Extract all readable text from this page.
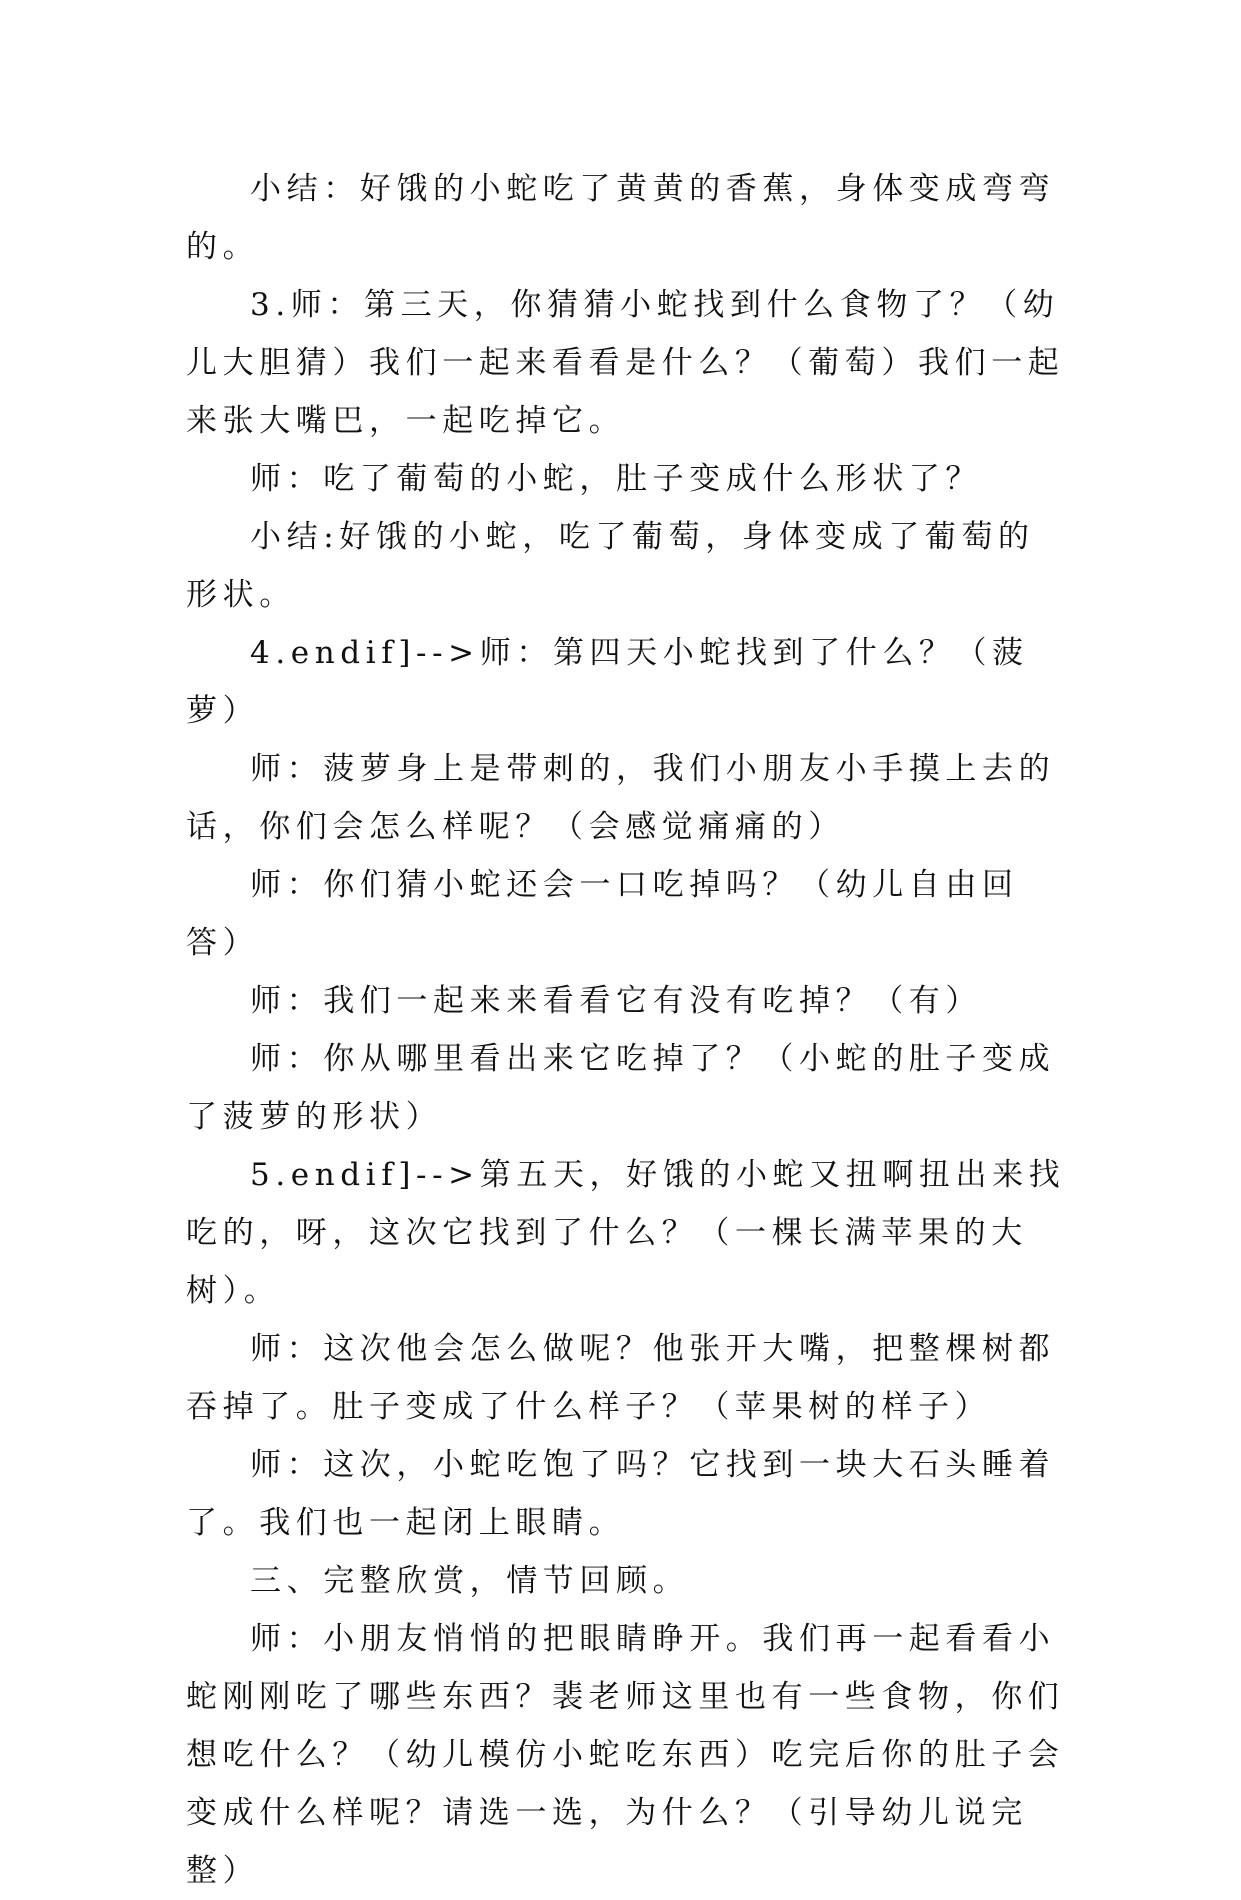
小结：好饿的小蛇吃了黄黄的香蕉，身体变成弯弯的。

3.师：第三天，你猜猜小蛇找到什么食物了？（幼儿大胆猜）我们一起来看看是什么？（葡萄）我们一起来张大嘴巴，一起吃掉它。

师：吃了葡萄的小蛇，肚子变成什么形状了？

小结:好饿的小蛇，吃了葡萄，身体变成了葡萄的形状。

4.endif]-->师：第四天小蛇找到了什么？（菠萝）

师：菠萝身上是带刺的，我们小朋友小手摸上去的话，你们会怎么样呢？（会感觉痛痛的）

师：你们猜小蛇还会一口吃掉吗？（幼儿自由回答）

师：我们一起来来看看它有没有吃掉？（有）

师：你从哪里看出来它吃掉了？（小蛇的肚子变成了菠萝的形状）

5.endif]-->第五天，好饿的小蛇又扭啊扭出来找吃的，呀，这次它找到了什么？（一棵长满苹果的大树）。

师：这次他会怎么做呢？他张开大嘴，把整棵树都吞掉了。肚子变成了什么样子？（苹果树的样子）

师：这次，小蛇吃饱了吗？它找到一块大石头睡着了。我们也一起闭上眼睛。

三、完整欣赏，情节回顾。

师：小朋友悄悄的把眼睛睁开。我们再一起看看小蛇刚刚吃了哪些东西？裴老师这里也有一些食物，你们想吃什么？（幼儿模仿小蛇吃东西）吃完后你的肚子会变成什么样呢？请选一选，为什么？（引导幼儿说完整）
